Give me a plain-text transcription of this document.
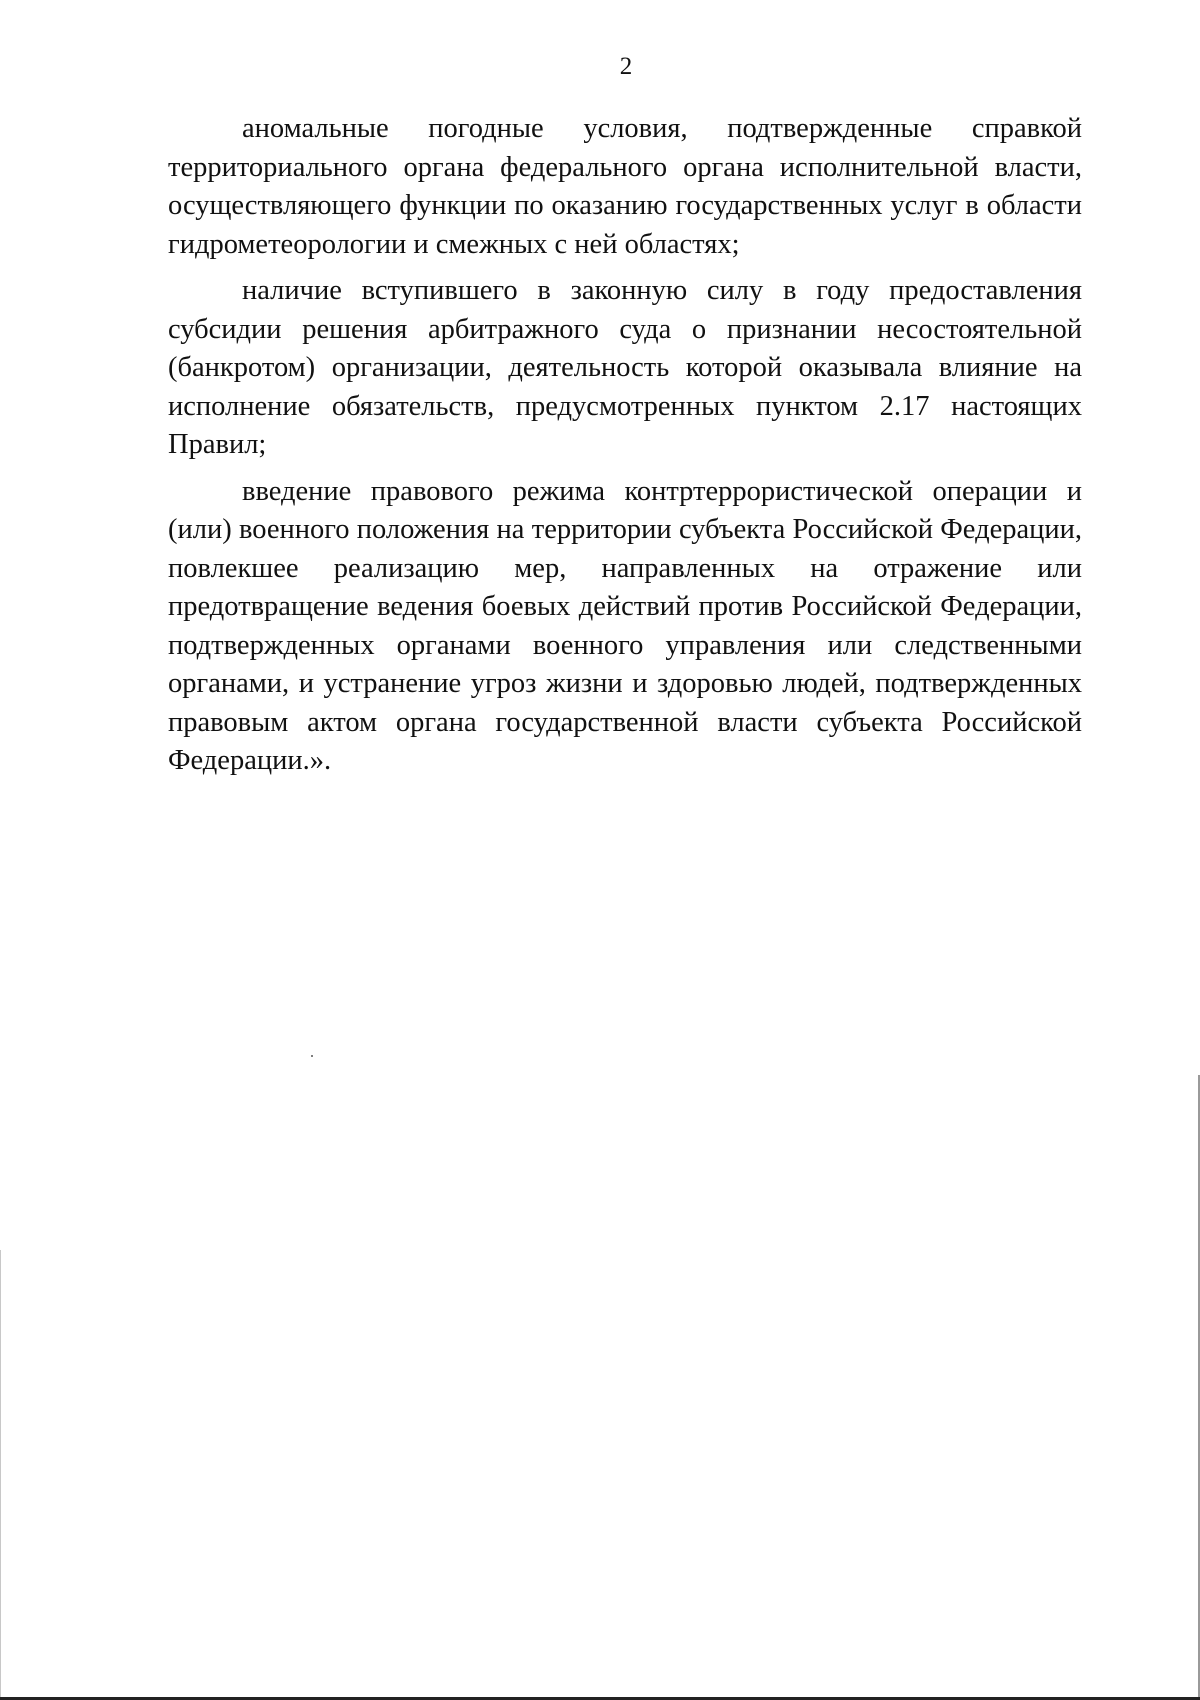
2

аномальные погодные условия, подтвержденные справкой территориального органа федерального органа исполнительной власти, осуществляющего функции по оказанию государственных услуг в области гидрометеорологии и смежных с ней областях;

наличие вступившего в законную силу в году предоставления субсидии решения арбитражного суда о признании несостоятельной (банкротом) организации, деятельность которой оказывала влияние на исполнение обязательств, предусмотренных пунктом 2.17 настоящих Правил;

введение правового режима контртеррористической операции и (или) военного положения на территории субъекта Российской Федерации, повлекшее реализацию мер, направленных на отражение или предотвращение ведения боевых действий против Российской Федерации, подтвержденных органами военного управления или следственными органами, и устранение угроз жизни и здоровью людей, подтвержденных правовым актом органа государственной власти субъекта Российской Федерации.».
